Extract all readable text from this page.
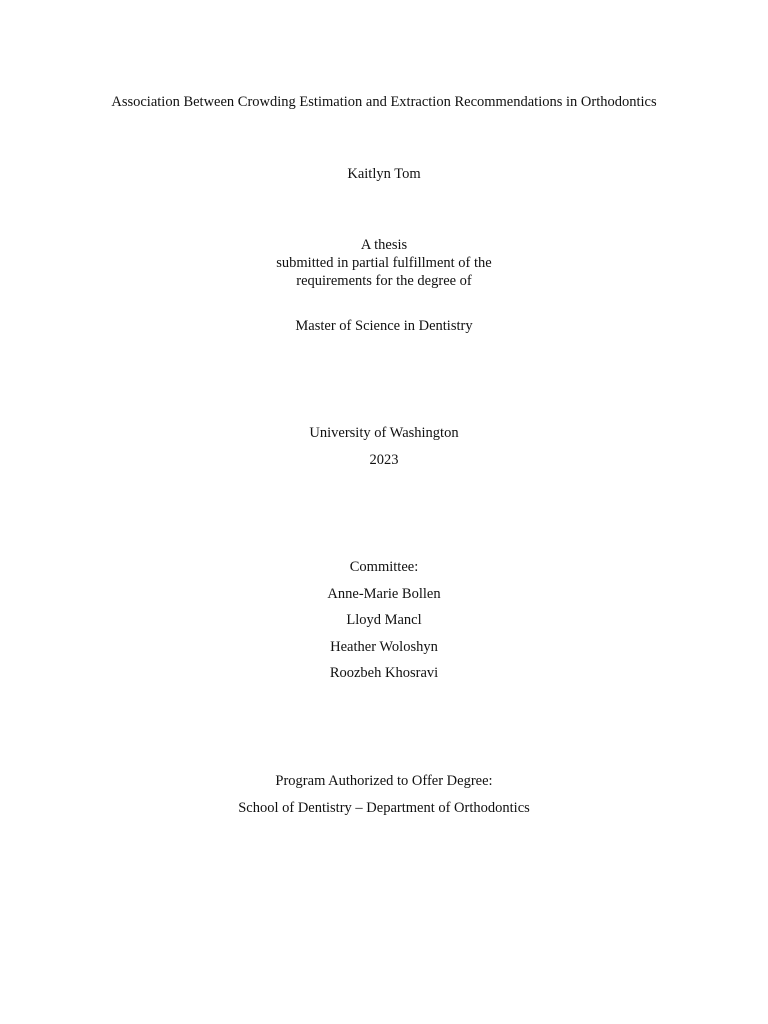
Association Between Crowding Estimation and Extraction Recommendations in Orthodontics
Kaitlyn Tom
A thesis
submitted in partial fulfillment of the
requirements for the degree of
Master of Science in Dentistry
University of Washington
2023
Committee:
Anne-Marie Bollen
Lloyd Mancl
Heather Woloshyn
Roozbeh Khosravi
Program Authorized to Offer Degree:
School of Dentistry – Department of Orthodontics
